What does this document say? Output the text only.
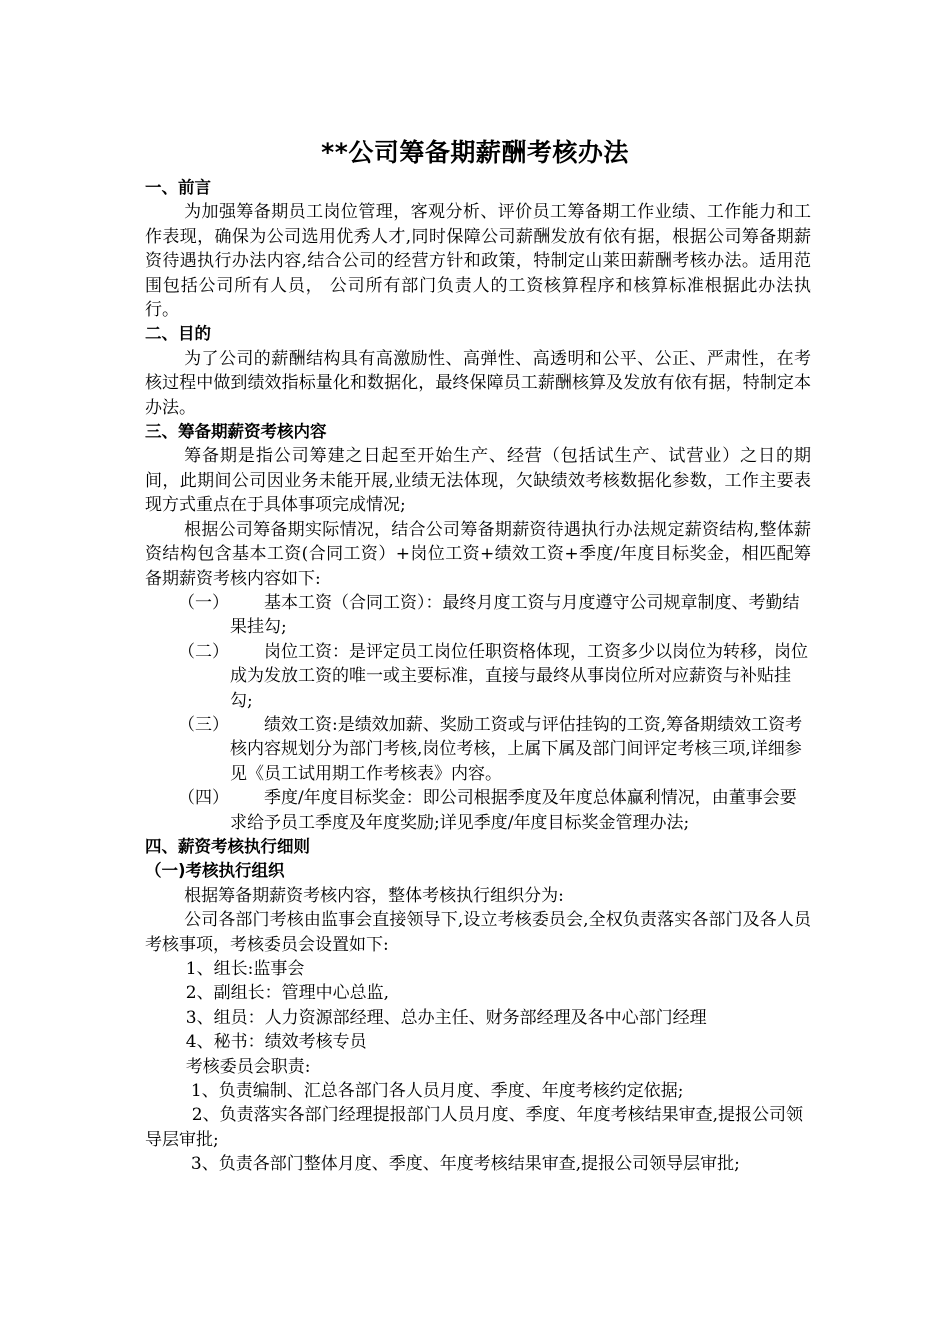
**公司筹备期薪酬考核办法
一、前言
为加强筹备期员工岗位管理，客观分析、评价员工筹备期工作业绩、工作能力和工作表现，确保为公司选用优秀人才,同时保障公司薪酬发放有依有据，根据公司筹备期薪资待遇执行办法内容,结合公司的经营方针和政策，特制定山莱田薪酬考核办法。适用范围包括公司所有人员， 公司所有部门负责人的工资核算程序和核算标准根据此办法执行。
二、目的
为了公司的薪酬结构具有高激励性、高弹性、高透明和公平、公正、严肃性，在考核过程中做到绩效指标量化和数据化，最终保障员工薪酬核算及发放有依有据，特制定本办法。
三、筹备期薪资考核内容
筹备期是指公司筹建之日起至开始生产、经营（包括试生产、试营业）之日的期间，此期间公司因业务未能开展,业绩无法体现，欠缺绩效考核数据化参数，工作主要表现方式重点在于具体事项完成情况;
根据公司筹备期实际情况，结合公司筹备期薪资待遇执行办法规定薪资结构,整体薪资结构包含基本工资(合同工资）+岗位工资+绩效工资+季度/年度目标奖金，相匹配筹备期薪资考核内容如下:
（一）	基本工资（合同工资）：最终月度工资与月度遵守公司规章制度、考勤结果挂勾;
（二）	岗位工资：是评定员工岗位任职资格体现，工资多少以岗位为转移，岗位成为发放工资的唯一或主要标准，直接与最终从事岗位所对应薪资与补贴挂勾;
（三）	绩效工资:是绩效加薪、奖励工资或与评估挂钩的工资,筹备期绩效工资考核内容规划分为部门考核,岗位考核，上属下属及部门间评定考核三项,详细参见《员工试用期工作考核表》内容。
（四）	季度/年度目标奖金：即公司根据季度及年度总体赢利情况，由董事会要求给予员工季度及年度奖励;详见季度/年度目标奖金管理办法;
四、薪资考核执行细则
（一)考核执行组织
根据筹备期薪资考核内容，整体考核执行组织分为:
公司各部门考核由监事会直接领导下,设立考核委员会,全权负责落实各部门及各人员考核事项，考核委员会设置如下:
1、组长:监事会
2、副组长：管理中心总监,
3、组员：人力资源部经理、总办主任、财务部经理及各中心部门经理
4、秘书：绩效考核专员
考核委员会职责:
1、负责编制、汇总各部门各人员月度、季度、年度考核约定依据;
2、负责落实各部门经理提报部门人员月度、季度、年度考核结果审查,提报公司领导层审批;
3、负责各部门整体月度、季度、年度考核结果审查,提报公司领导层审批;
